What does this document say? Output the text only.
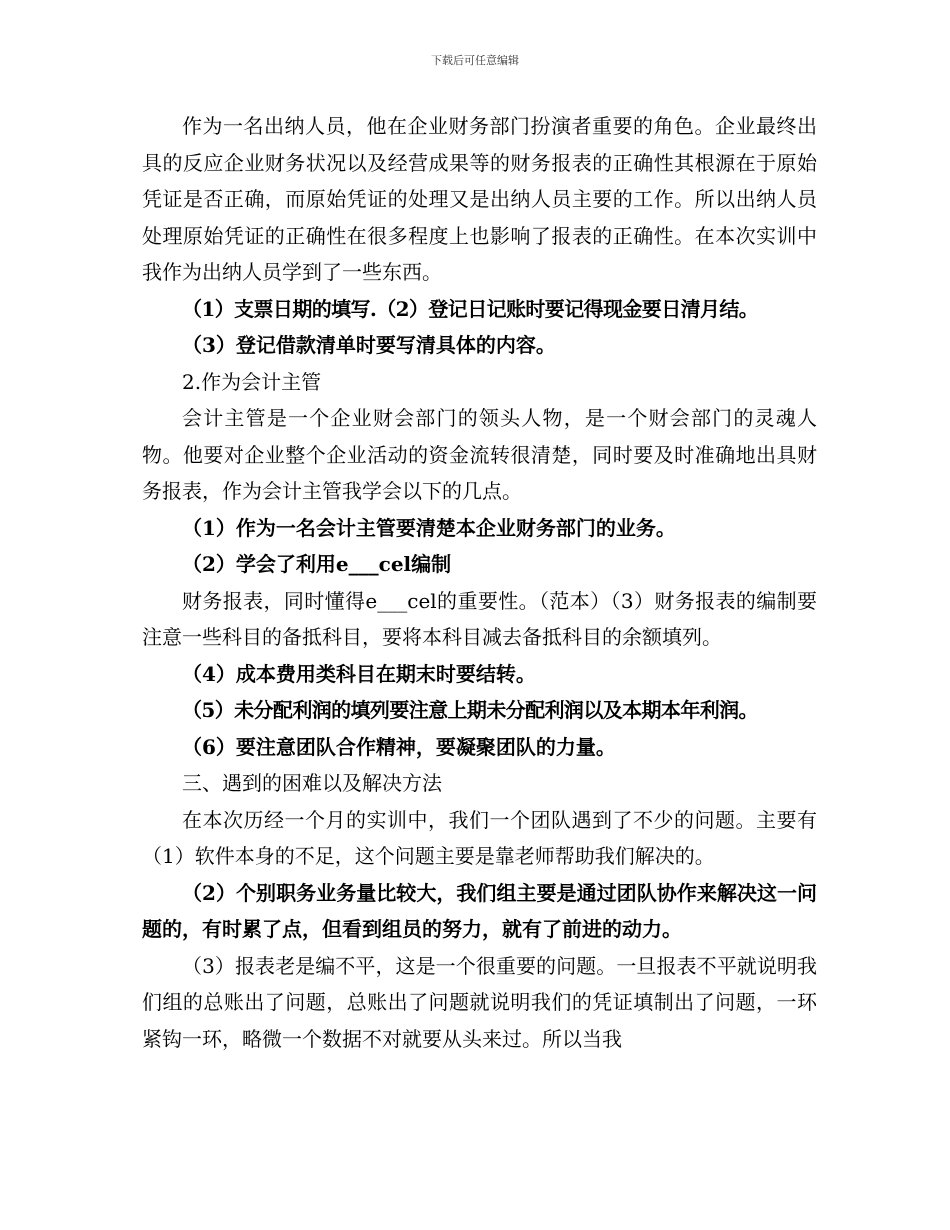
下载后可任意编辑

作为一名出纳人员，他在企业财务部门扮演者重要的角色。企业最终出具的反应企业财务状况以及经营成果等的财务报表的正确性其根源在于原始凭证是否正确，而原始凭证的处理又是出纳人员主要的工作。所以出纳人员处理原始凭证的正确性在很多程度上也影响了报表的正确性。在本次实训中我作为出纳人员学到了一些东西。

（1）支票日期的填写.（2）登记日记账时要记得现金要日清月结。

（3）登记借款清单时要写清具体的内容。

2.作为会计主管

会计主管是一个企业财会部门的领头人物，是一个财会部门的灵魂人物。他要对企业整个企业活动的资金流转很清楚，同时要及时准确地出具财务报表，作为会计主管我学会以下的几点。

（1）作为一名会计主管要清楚本企业财务部门的业务。

（2）学会了利用e___cel编制

财务报表，同时懂得e___cel的重要性。（范本）（3）财务报表的编制要注意一些科目的备抵科目，要将本科目减去备抵科目的余额填列。

（4）成本费用类科目在期末时要结转。

（5）未分配利润的填列要注意上期未分配利润以及本期本年利润。

（6）要注意团队合作精神，要凝聚团队的力量。

三、遇到的困难以及解决方法

在本次历经一个月的实训中，我们一个团队遇到了不少的问题。主要有（1）软件本身的不足，这个问题主要是靠老师帮助我们解决的。

（2）个别职务业务量比较大，我们组主要是通过团队协作来解决这一问题的，有时累了点，但看到组员的努力，就有了前进的动力。

（3）报表老是编不平，这是一个很重要的问题。一旦报表不平就说明我们组的总账出了问题，总账出了问题就说明我们的凭证填制出了问题，一环紧钩一环，略微一个数据不对就要从头来过。所以当我
